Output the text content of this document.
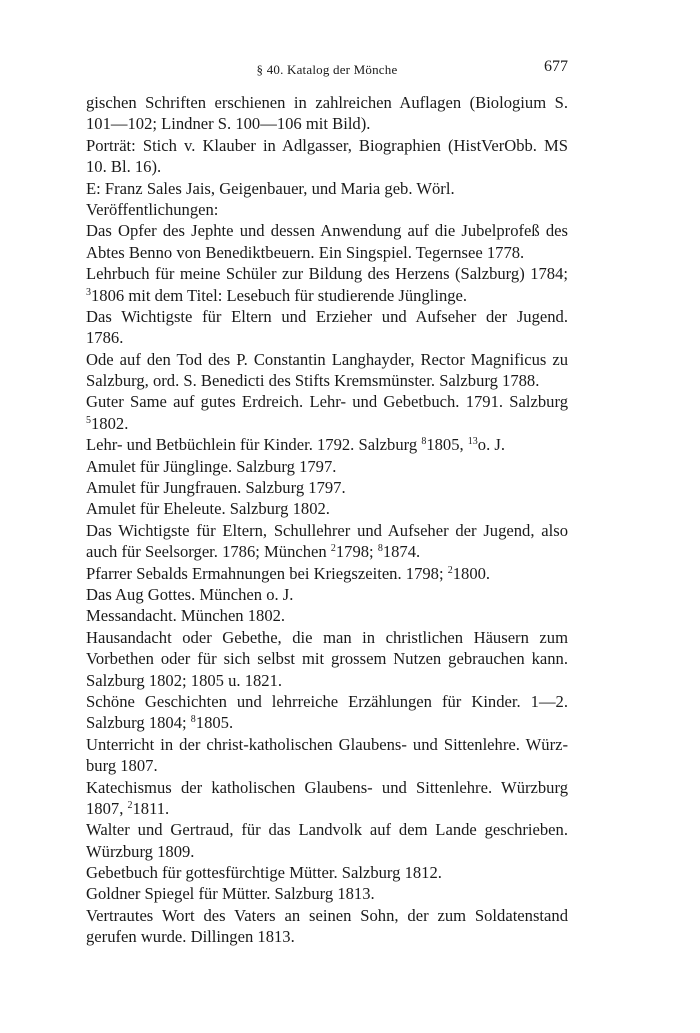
§ 40. Katalog der Mönche	677
gischen Schriften erschienen in zahlreichen Auflagen (Biologium S.
101—102; Lindner S. 100—106 mit Bild).
Porträt: Stich v. Klauber in Adlgasser, Biographien (HistVerObb. MS
10. Bl. 16).
E: Franz Sales Jais, Geigenbauer, und Maria geb. Wörl.
Veröffentlichungen:
Das Opfer des Jephte und dessen Anwendung auf die Jubelprofeß des
Abtes Benno von Benediktbeuern. Ein Singspiel. Tegernsee 1778.
Lehrbuch für meine Schüler zur Bildung des Herzens (Salzburg) 1784;
$^3$1806 mit dem Titel: Lesebuch für studierende Jünglinge.
Das Wichtigste für Eltern und Erzieher und Aufseher der Jugend.
1786.
Ode auf den Tod des P. Constantin Langhayder, Rector Magnificus zu
Salzburg, ord. S. Benedicti des Stifts Kremsmünster. Salzburg 1788.
Guter Same auf gutes Erdreich. Lehr- und Gebetbuch. 1791. Salzburg
$^5$1802.
Lehr- und Betbüchlein für Kinder. 1792. Salzburg $^8$1805, $^{13}$o. J.
Amulet für Jünglinge. Salzburg 1797.
Amulet für Jungfrauen. Salzburg 1797.
Amulet für Eheleute. Salzburg 1802.
Das Wichtigste für Eltern, Schullehrer und Aufseher der Jugend, also
auch für Seelsorger. 1786; München $^2$1798; $^8$1874.
Pfarrer Sebalds Ermahnungen bei Kriegszeiten. 1798; $^2$1800.
Das Aug Gottes. München o. J.
Messandacht. München 1802.
Hausandacht oder Gebethe, die man in christlichen Häusern zum
Vorbethen oder für sich selbst mit grossem Nutzen gebrauchen kann.
Salzburg 1802; 1805 u. 1821.
Schöne Geschichten und lehrreiche Erzählungen für Kinder. 1—2.
Salzburg 1804; $^8$1805.
Unterricht in der christ-katholischen Glaubens- und Sittenlehre. Würz-
burg 1807.
Katechismus der katholischen Glaubens- und Sittenlehre. Würzburg
1807, $^2$1811.
Walter und Gertraud, für das Landvolk auf dem Lande geschrieben.
Würzburg 1809.
Gebetbuch für gottesfürchtige Mütter. Salzburg 1812.
Goldner Spiegel für Mütter. Salzburg 1813.
Vertrautes Wort des Vaters an seinen Sohn, der zum Soldatenstand
gerufen wurde. Dillingen 1813.
